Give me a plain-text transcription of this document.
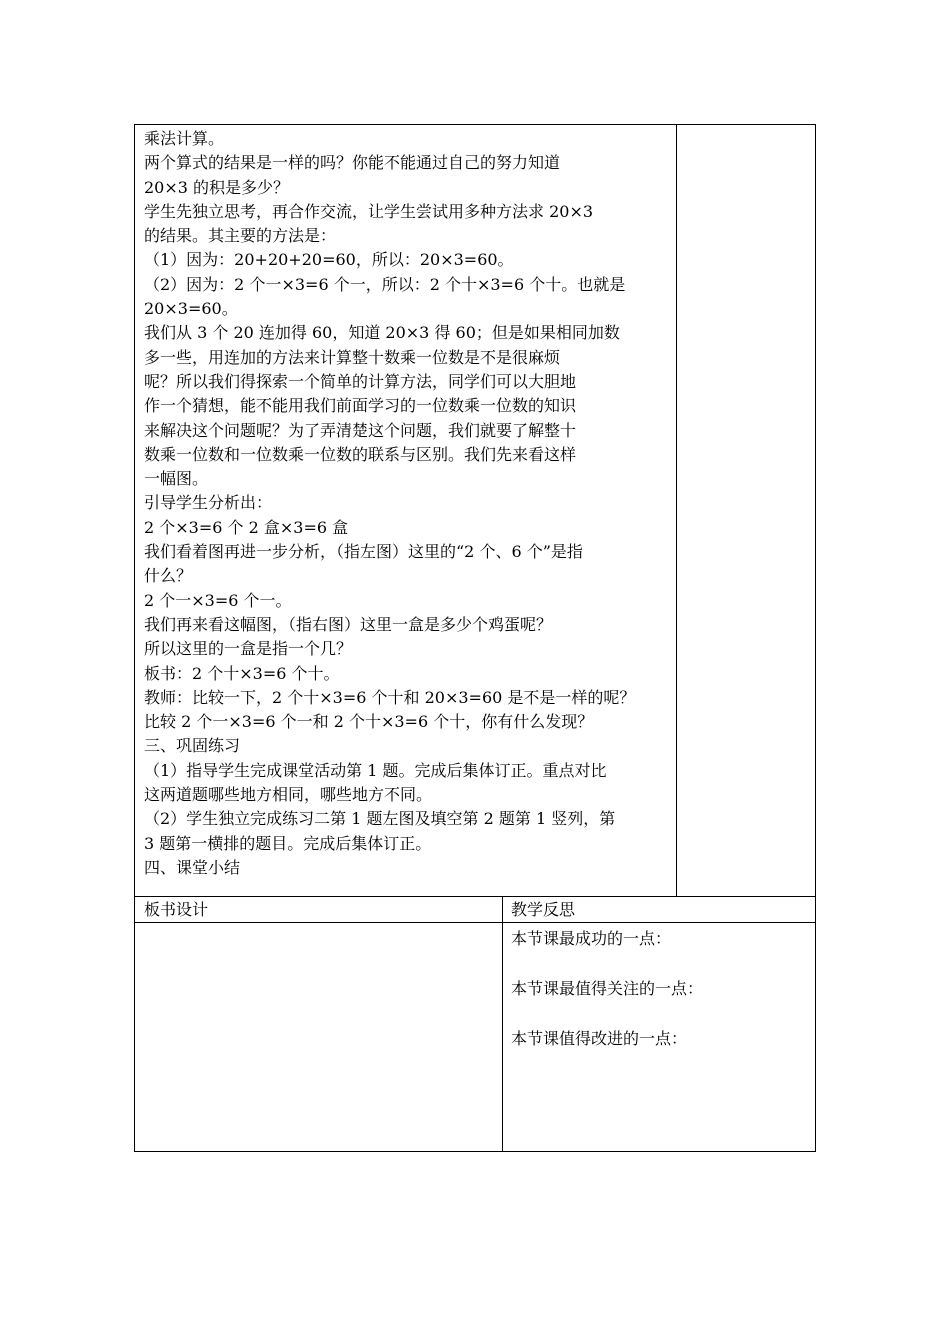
乘法计算。
两个算式的结果是一样的吗？你能不能通过自己的努力知道
20×3 的积是多少？
学生先独立思考，再合作交流，让学生尝试用多种方法求 20×3
的结果。其主要的方法是：
（1）因为：20+20+20=60，所以：20×3=60。
（2）因为：2 个一×3=6 个一，所以：2 个十×3=6 个十。也就是
20×3=60。
我们从 3 个 20 连加得 60，知道 20×3 得 60；但是如果相同加数
多一些，用连加的方法来计算整十数乘一位数是不是很麻烦
呢？所以我们得探索一个简单的计算方法，同学们可以大胆地
作一个猜想，能不能用我们前面学习的一位数乘一位数的知识
来解决这个问题呢？为了弄清楚这个问题，我们就要了解整十
数乘一位数和一位数乘一位数的联系与区别。我们先来看这样
一幅图。
引导学生分析出：
2 个×3=6 个 2 盒×3=6 盒
我们看着图再进一步分析，（指左图）这里的“2 个、6 个”是指
什么？
2 个一×3=6 个一。
我们再来看这幅图，（指右图）这里一盒是多少个鸡蛋呢？
所以这里的一盒是指一个几？
板书：2 个十×3=6 个十。
教师：比较一下，2 个十×3=6 个十和 20×3=60 是不是一样的呢？
比较 2 个一×3=6 个一和 2 个十×3=6 个十，你有什么发现？
三、巩固练习
（1）指导学生完成课堂活动第 1 题。完成后集体订正。重点对比
这两道题哪些地方相同，哪些地方不同。
（2）学生独立完成练习二第 1 题左图及填空第 2 题第 1 竖列，第
3 题第一横排的题目。完成后集体订正。
四、课堂小结
板书设计	教学反思
本节课最成功的一点：
本节课最值得关注的一点：
本节课值得改进的一点：
